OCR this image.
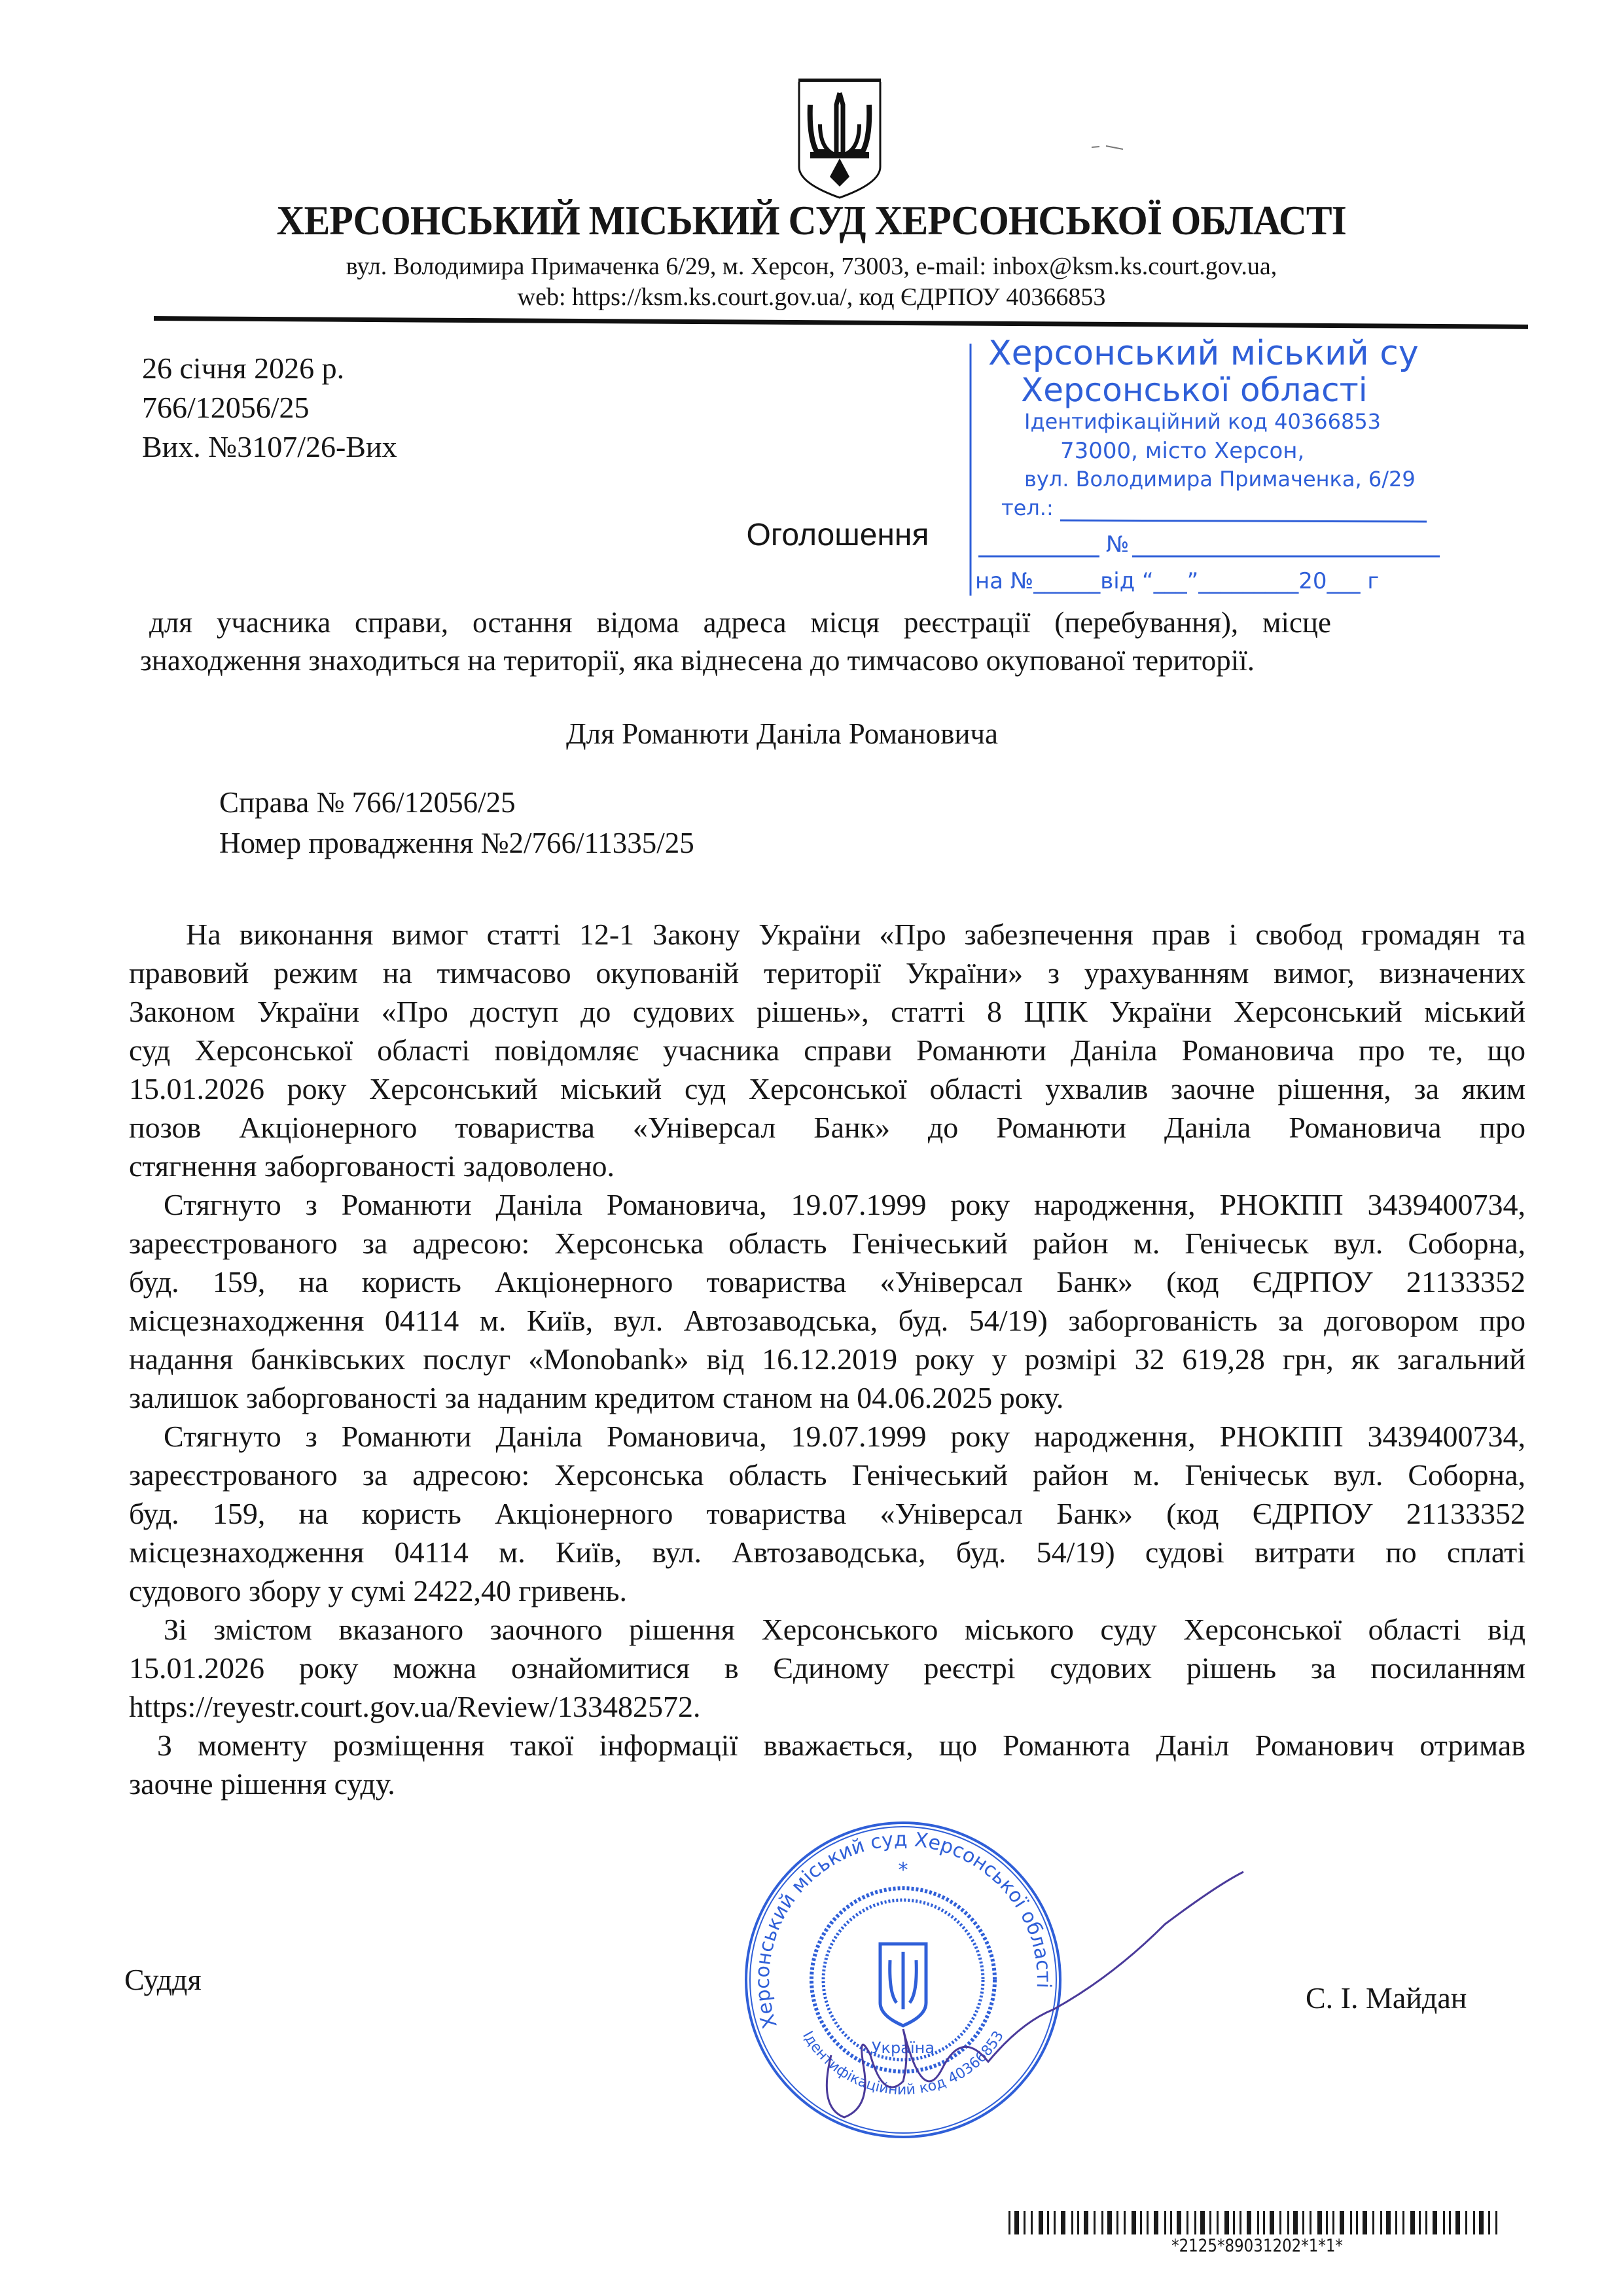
ХЕРСОНСЬКИЙ МІСЬКИЙ СУД ХЕРСОНСЬКОЇ ОБЛАСТІ
вул. Володимира Примаченка 6/29, м. Херсон, 73003, e-mail: inbox@ksm.ks.court.gov.ua,
web: https://ksm.ks.court.gov.ua/, код ЄДРПОУ 40366853
26 січня 2026 р.
766/12056/25
Вих. №3107/26-Вих
Херсонський міський су
Херсонської області
Ідентифікаційний код 40366853
73000, місто Херсон,
вул. Володимира Примаченка, 6/29
тел.:
№
на №______від “___”_________20___ г
Оголошення
для учасника справи, остання відома адреса місця реєстрації (перебування), місце
знаходження знаходиться на території, яка віднесена до тимчасово окупованої території.
Для Романюти Даніла Романовича
Справа № 766/12056/25
Номер провадження №2/766/11335/25
На виконання вимог статті 12-1 Закону України «Про забезпечення прав і свобод громадян та
правовий режим на тимчасово окупованій території України» з урахуванням вимог, визначених
Законом України «Про доступ до судових рішень», статті 8 ЦПК України Херсонський міський
суд Херсонської області повідомляє учасника справи Романюти Даніла Романовича про те, що
15.01.2026 року Херсонський міський суд Херсонської області ухвалив заочне рішення, за яким
позов Акціонерного товариства «Універсал Банк» до Романюти Даніла Романовича про
стягнення заборгованості задоволено.
Стягнуто з Романюти Даніла Романовича, 19.07.1999 року народження, РНОКПП 3439400734,
зареєстрованого за адресою: Херсонська область Генічеський район м. Генічеськ вул. Соборна,
буд. 159, на користь Акціонерного товариства «Універсал Банк» (код ЄДРПОУ 21133352
місцезнаходження 04114 м. Київ, вул. Автозаводська, буд. 54/19) заборгованість за договором про
надання банківських послуг «Monobank» від 16.12.2019 року у розмірі 32 619,28 грн, як загальний
залишок заборгованості за наданим кредитом станом на 04.06.2025 року.
Стягнуто з Романюти Даніла Романовича, 19.07.1999 року народження, РНОКПП 3439400734,
зареєстрованого за адресою: Херсонська область Генічеський район м. Генічеськ вул. Соборна,
буд. 159, на користь Акціонерного товариства «Універсал Банк» (код ЄДРПОУ 21133352
місцезнаходження 04114 м. Київ, вул. Автозаводська, буд. 54/19) судові витрати по сплаті
судового збору у сумі 2422,40 гривень.
Зі змістом вказаного заочного рішення Херсонського міського суду Херсонської області від
15.01.2026 року можна ознайомитися в Єдиному реєстрі судових рішень за посиланням
https://reyestr.court.gov.ua/Review/133482572.
З моменту розміщення такої інформації вважається, що Романюта Даніл Романович отримав
заочне рішення суду.
Суддя
С. І. Майдан
Херсонський міський суд Херсонської області
Ідентифікаційний код 40366853
Україна
*
*2125*89031202*1*1*
